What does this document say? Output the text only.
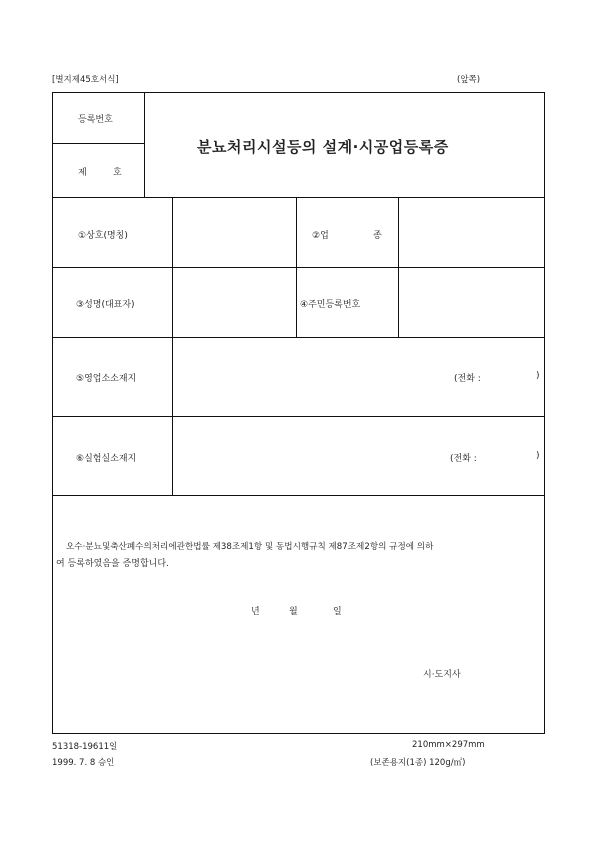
[별지제45호서식]	(앞쪽)
등록번호
제	호
분뇨처리시설등의 설계·시공업등록증
①상호(명칭)	②업	종
③성명(대표자)	④주민등록번호
⑤영업소소재지	(전화 :	)
⑥실험실소재지	(전화 :	)
오수·분뇨및축산폐수의처리에관한법률 제38조제1항 및 동법시행규칙 제87조제2항의 규정에 의하
여 등록하였음을 증명합니다.
년	월	일
시·도지사
51318-19611일
1999. 7. 8 승인
210mm×297mm
(보존용지(1종) 120g/㎡)
